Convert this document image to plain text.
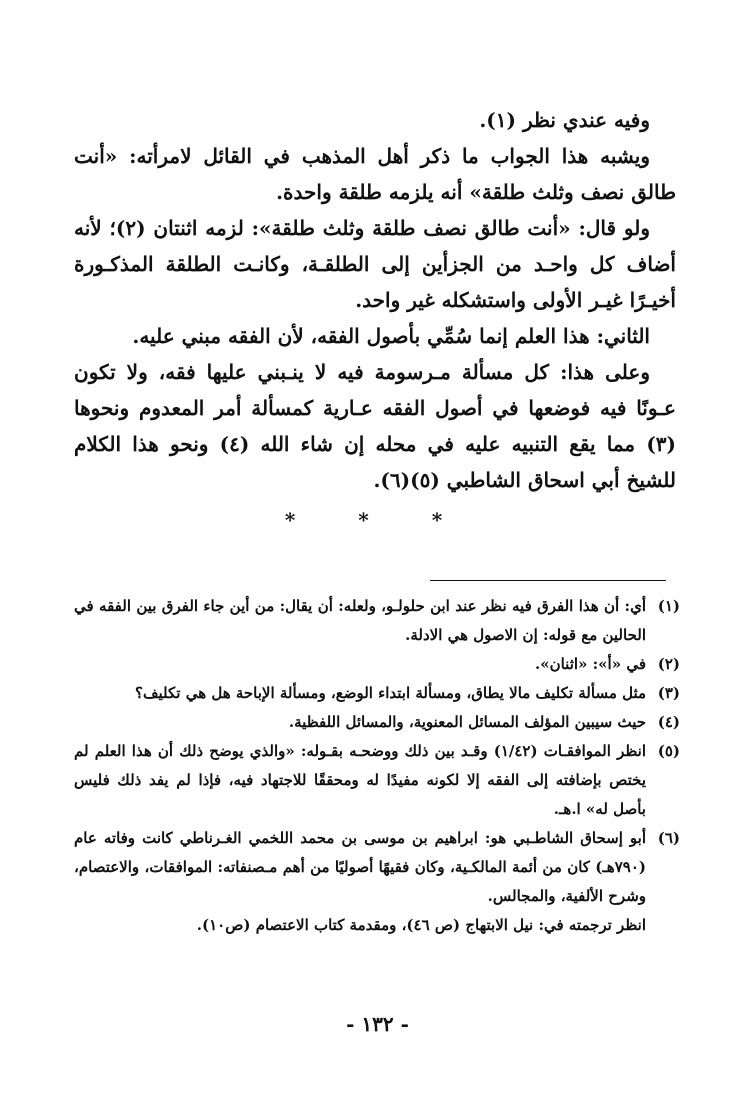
وفيه عندي نظر (١).

ويشبه هذا الجواب ما ذكر أهل المذهب في القائل لامرأته: «أنت طالق نصف وثلث طلقة» أنه يلزمه طلقة واحدة.

ولو قال: «أنت طالق نصف طلقة وثلث طلقة»: لزمه اثنتان (٢)؛ لأنه أضاف كل واحـد من الجزأين إلى الطلقـة، وكانـت الطلقة المذكـورة أخيـرًا غيـر الأولى واستشكله غير واحد.

الثاني: هذا العلم إنما سُمِّي بأصول الفقه، لأن الفقه مبني عليه.

وعلى هذا: كل مسألة مـرسومة فيه لا ينـبني عليها فقه، ولا تكون عـونًا فيه فوضعها في أصول الفقه عـارية كمسألة أمر المعدوم ونحوها (٣) مما يقع التنبيه عليه في محله إن شاء الله (٤) ونحو هذا الكلام للشيخ أبي اسحاق الشاطبي (٥)(٦).

* * *

(١)أي: أن هذا الفرق فيه نظر عند ابن حلولـو، ولعله: أن يقال: من أين جاء الفرق بين الفقه في الحالين مع قوله: إن الاصول هي الادلة.

(٢)في «أ»: «اثنان».

(٣)مثل مسألة تكليف مالا يطاق، ومسألة ابتداء الوضع، ومسألة الإباحة هل هي تكليف؟

(٤)حيث سيبين المؤلف المسائل المعنوية، والمسائل اللفظية.

(٥)انظر الموافقـات (١/٤٢) وقـد بين ذلك ووضحـه بقـوله: «والذي يوضح ذلك أن هذا العلم لم يختص بإضافته إلى الفقه إلا لكونه مفيدًا له ومحققًا للاجتهاد فيه، فإذا لم يفد ذلك فليس بأصل له» ا.هـ.

(٦)أبو إسحاق الشاطـبي هو: ابراهيم بن موسى بن محمد اللخمي الغـرناطي كانت وفاته عام (٧٩٠هـ) كان من أئمة المالكـية، وكان فقيهًا أصوليًا من أهم مـصنفاته: الموافقات، والاعتصام، وشرح الألفية، والمجالس.

انظر ترجمته في: نيل الابتهاج (ص ٤٦)، ومقدمة كتاب الاعتصام (ص١٠).

- ١٣٢ -
